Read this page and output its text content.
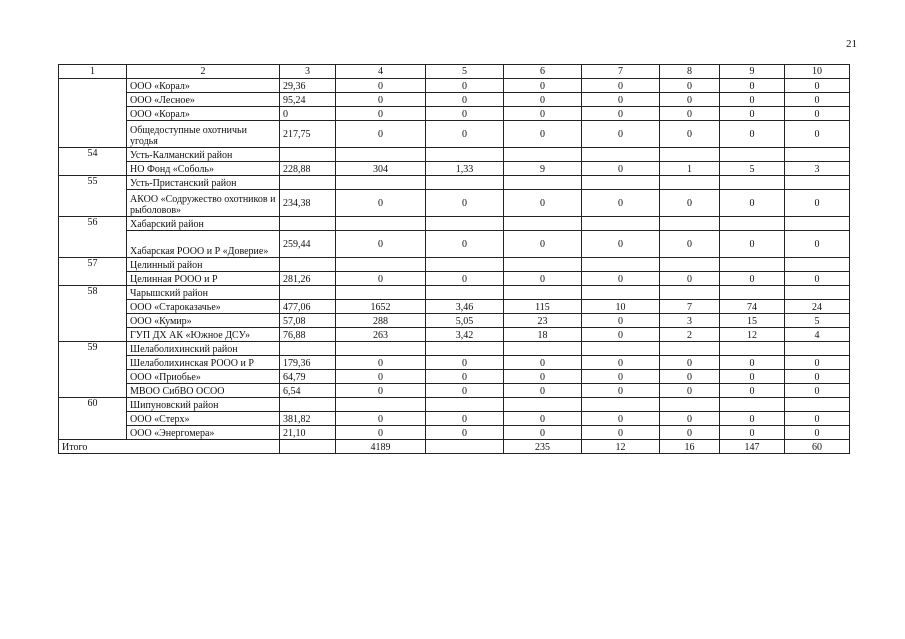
21
1	2	3	4	5	6	7	8	9	10
	ООО «Корал»	29,36	0	0	0	0	0	0	0
	ООО «Лесное»	95,24	0	0	0	0	0	0	0
	ООО «Корал»	0	0	0	0	0	0	0	0
	Общедоступные охотничьи угодья	217,75	0	0	0	0	0	0	0
54	Усть-Калманский район								
	НО Фонд «Соболь»	228,88	304	1,33	9	0	1	5	3
55	Усть-Пристанский район								
	АКОО «Содружество охотников и рыболовов»	234,38	0	0	0	0	0	0	0
56	Хабарский район								
	Хабарская РООО и Р «Доверие»	259,44	0	0	0	0	0	0	0
57	Целинный район								
	Целинная РООО и Р	281,26	0	0	0	0	0	0	0
58	Чарышский район								
	ООО «Староказачье»	477,06	1652	3,46	115	10	7	74	24
	ООО «Кумир»	57,08	288	5,05	23	0	3	15	5
	ГУП ДХ АК «Южное ДСУ»	76,88	263	3,42	18	0	2	12	4
59	Шелаболихинский район								
	Шелаболихинская РООО и Р	179,36	0	0	0	0	0	0	0
	ООО «Приобье»	64,79	0	0	0	0	0	0	0
	МВОО СибВО ОСОО	6,54	0	0	0	0	0	0	0
60	Шипуновский район								
	ООО «Стерх»	381,82	0	0	0	0	0	0	0
	ООО «Энергомера»	21,10	0	0	0	0	0	0	0
Итого			4189		235	12	16	147	60
